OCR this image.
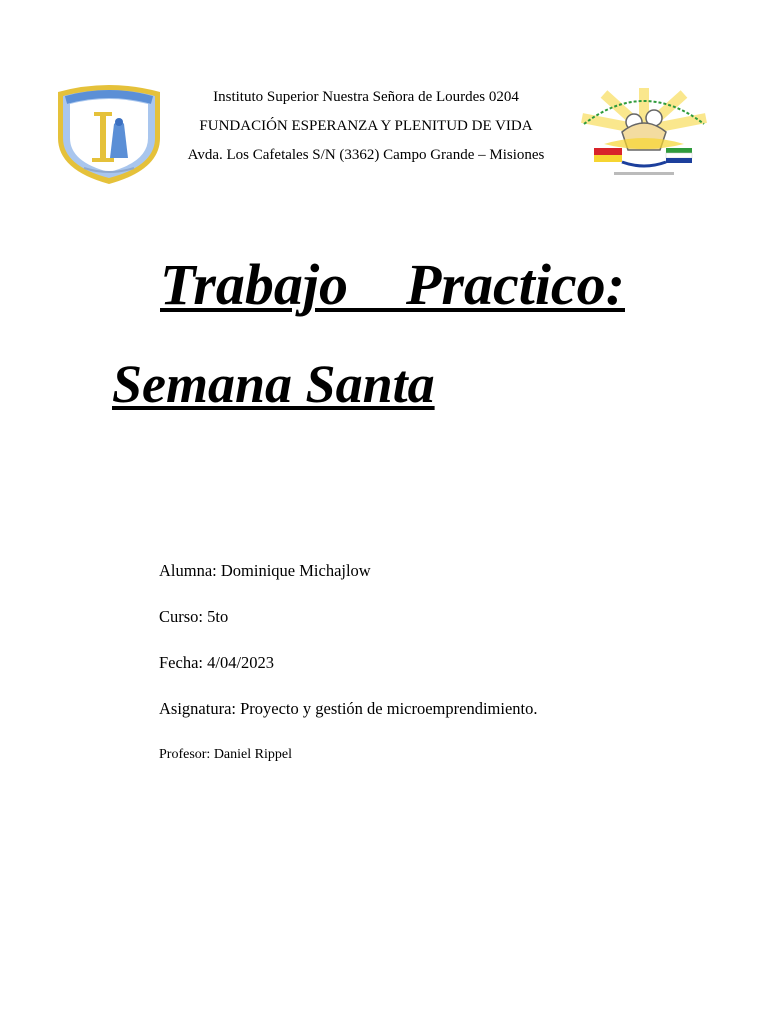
Instituto Superior Nuestra Señora de Lourdes 0204

FUNDACIÓN ESPERANZA Y PLENITUD DE VIDA

Avda. Los Cafetales S/N (3362) Campo Grande – Misiones

Trabajo    Practico:
Semana Santa

Alumna: Dominique Michajlow

Curso: 5to

Fecha: 4/04/2023

Asignatura: Proyecto y gestión de microemprendimiento.

Profesor: Daniel Rippel
